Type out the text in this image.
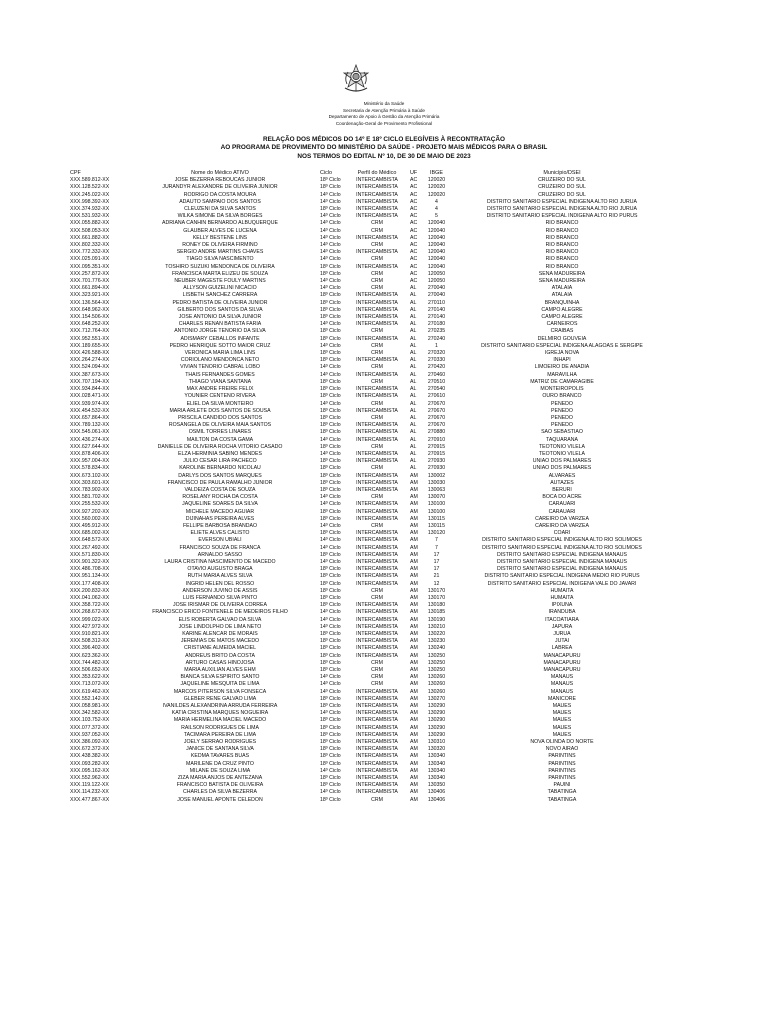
Ministério da Saúde
Secretaria de Atenção Primária à Saúde
Departamento de Apoio à Gestão da Atenção Primária
Coordenação-Geral de Provimento Profissional
RELAÇÃO DOS MÉDICOS DO 14º E 18º CICLO ELEGÍVEIS À RECONTRATAÇÃO
AO PROGRAMA DE PROVIMENTO DO MINISTÉRIO DA SAÚDE - PROJETO MAIS MÉDICOS PARA O BRASIL
NOS TERMOS DO EDITAL Nº 10, DE 30 DE MAIO DE 2023
CPF	Nome do Médico ATIVO	Ciclo	Perfil do Médico	UF	IBGE	Município/DSEI
XXX.589.812-XX	JOSE BEZERRA REBOUCAS JUNIOR	18º Ciclo	INTERCAMBISTA	AC	120020	CRUZEIRO DO SUL
XXX.128.522-XX	JURANDYR ALEXANDRE DE OLIVEIRA JUNIOR	18º Ciclo	INTERCAMBISTA	AC	120020	CRUZEIRO DO SUL
XXX.245.022-XX	RODRIGO DA COSTA MOURA	14º Ciclo	INTERCAMBISTA	AC	120020	CRUZEIRO DO SUL
XXX.998.392-XX	ADAUTO SAMPAIO DOS SANTOS	14º Ciclo	INTERCAMBISTA	AC	4	DISTRITO SANITÁRIO ESPECIAL INDÍGENA ALTO RIO JURUA
XXX.374.932-XX	CLEUZENI DA SILVA SANTOS	18º Ciclo	INTERCAMBISTA	AC	4	DISTRITO SANITÁRIO ESPECIAL INDÍGENA ALTO RIO JURUA
XXX.531.932-XX	WILKA SIMONE DA SILVA BORGES	14º Ciclo	INTERCAMBISTA	AC	5	DISTRITO SANITÁRIO ESPECIAL INDÍGENA ALTO RIO PURUS
XXX.055.882-XX	ADRIANA CANHIN BERNARDO ALBUQUERQUE	14º Ciclo	CRM	AC	120040	RIO BRANCO
XXX.508.053-XX	GLAUBER ALVES DE LUCENA	14º Ciclo	CRM	AC	120040	RIO BRANCO
XXX.661.882-XX	KELLY BESTENE LINS	14º Ciclo	INTERCAMBISTA	AC	120040	RIO BRANCO
XXX.802.332-XX	RONEY DE OLIVEIRA FIRMINO	14º Ciclo	CRM	AC	120040	RIO BRANCO
XXX.772.332-XX	SERGIO ANDRE MARTINS CHAVES	14º Ciclo	INTERCAMBISTA	AC	120040	RIO BRANCO
XXX.025.091-XX	TIAGO SILVA NASCIMENTO	14º Ciclo	CRM	AC	120040	RIO BRANCO
XXX.095.351-XX	TOSHIRO SUZUKI MENDONCA DE OLIVEIRA	18º Ciclo	INTERCAMBISTA	AC	120040	RIO BRANCO
XXX.257.872-XX	FRANCISCA MARTA ELIZEU DE SOUZA	18º Ciclo	CRM	AC	120050	SENA MADUREIRA
XXX.701.776-XX	NEUBER MAGESTE FOULY MARTINS	14º Ciclo	CRM	AC	120050	SENA MADUREIRA
XXX.661.894-XX	ALLYSON GUIZELINI NICACIO	14º Ciclo	CRM	AL	270040	ATALAIA
XXX.323.921-XX	LISBETH SANCHEZ CARRERA	18º Ciclo	INTERCAMBISTA	AL	270040	ATALAIA
XXX.136.564-XX	PEDRO BATISTA DE OLIVEIRA JUNIOR	18º Ciclo	INTERCAMBISTA	AL	270110	BRANQUINHA
XXX.648.962-XX	GILBERTO DOS SANTOS DA SILVA	18º Ciclo	INTERCAMBISTA	AL	270140	CAMPO ALEGRE
XXX.154.506-XX	JOSE ANTONIO DA SILVA JUNIOR	18º Ciclo	INTERCAMBISTA	AL	270140	CAMPO ALEGRE
XXX.648.252-XX	CHARLES RENAN BATISTA FARIA	14º Ciclo	INTERCAMBISTA	AL	270180	CARNEIROS
XXX.712.764-XX	ANTONIO JORGE TENORIO DA SILVA	18º Ciclo	CRM	AL	270235	CRAIBAS
XXX.952.551-XX	ADISMARY CEBALLOS INFANTE	18º Ciclo	INTERCAMBISTA	AL	270240	DELMIRO GOUVEIA
XXX.189.655-XX	PEDRO HENRIQUE SOTTO MAIOR CRUZ	14º Ciclo	CRM	AL	1	DISTRITO SANITÁRIO ESPECIAL INDÍGENA ALAGOAS E SERGIPE
XXX.426.588-XX	VERONICA MARIA LIMA LINS	18º Ciclo	CRM	AL	270320	IGREJA NOVA
XXX.264.274-XX	CORIOLANO MENDONCA NETO	18º Ciclo	INTERCAMBISTA	AL	270330	INHAPI
XXX.524.094-XX	VIVIAN TENORIO CABRAL LOBO	14º Ciclo	CRM	AL	270420	LIMOEIRO DE ANADIA
XXX.387.673-XX	THAIS FERNANDES GOMES	14º Ciclo	INTERCAMBISTA	AL	270460	MARAVILHA
XXX.707.194-XX	THIAGO VIANA SANTANA	18º Ciclo	CRM	AL	270510	MATRIZ DE CAMARAGIBE
XXX.934.844-XX	MAX ANDRE FREIRE FELIX	18º Ciclo	INTERCAMBISTA	AL	270540	MONTEIROPOLIS
XXX.028.471-XX	YOUNIER CENTENO RIVERA	18º Ciclo	INTERCAMBISTA	AL	270610	OURO BRANCO
XXX.939.974-XX	ELIEL DA SILVA MONTEIRO	14º Ciclo	CRM	AL	270670	PENEDO
XXX.454.532-XX	MARIA ARLETE DOS SANTOS DE SOUSA	18º Ciclo	INTERCAMBISTA	AL	270670	PENEDO
XXX.657.864-XX	PRISCILA CANDIDO DOS SANTOS	18º Ciclo	CRM	AL	270670	PENEDO
XXX.789.132-XX	ROSANGELA DE OLIVEIRA MAIA SANTOS	18º Ciclo	INTERCAMBISTA	AL	270670	PENEDO
XXX.545.061-XX	OSMIL TORRES LINARES	18º Ciclo	INTERCAMBISTA	AL	270880	SAO SEBASTIAO
XXX.436.274-XX	MAILTON DA COSTA GAMA	14º Ciclo	INTERCAMBISTA	AL	270910	TAQUARANA
XXX.627.644-XX	DANIELLE DE OLIVEIRA ROCHA VITORIO CASADO	18º Ciclo	CRM	AL	270915	TEOTONIO VILELA
XXX.878.406-XX	ELZA HERMINIA SABINO MENDES	14º Ciclo	INTERCAMBISTA	AL	270915	TEOTONIO VILELA
XXX.957.004-XX	JULIO CESAR LIRA PACHECO	18º Ciclo	INTERCAMBISTA	AL	270930	UNIAO DOS PALMARES
XXX.578.834-XX	KAROLINE BERNARDO NICOLAU	18º Ciclo	CRM	AL	270930	UNIAO DOS PALMARES
XXX.673.102-XX	DARLYS DOS SANTOS MARQUES	18º Ciclo	INTERCAMBISTA	AM	130002	ALVARAES
XXX.303.601-XX	FRANCISCO DE PAULA RAMALHO JUNIOR	18º Ciclo	INTERCAMBISTA	AM	130030	AUTAZES
XXX.783.902-XX	VALDEIZA COSTA DE SOUZA	18º Ciclo	INTERCAMBISTA	AM	130063	BERURI
XXX.581.702-XX	ROSELANY ROCHA DA COSTA	14º Ciclo	CRM	AM	130070	BOCA DO ACRE
XXX.255.532-XX	JAQUELINE SOARES DA SILVA	14º Ciclo	INTERCAMBISTA	AM	130100	CARAUARI
XXX.927.202-XX	MICHELE MACEDO AGUIAR	18º Ciclo	INTERCAMBISTA	AM	130100	CARAUARI
XXX.560.002-XX	DIJINAHAS PEREIRA ALVES	18º Ciclo	INTERCAMBISTA	AM	130115	CAREIRO DA VARZEA
XXX.495.912-XX	FELLIPE BARBOSA BRANDAO	14º Ciclo	CRM	AM	130115	CAREIRO DA VARZEA
XXX.685.002-XX	ELIETE ALVES CALISTO	18º Ciclo	INTERCAMBISTA	AM	130120	COARI
XXX.648.572-XX	EVERSON UBIALI	14º Ciclo	INTERCAMBISTA	AM	7	DISTRITO SANITÁRIO ESPECIAL INDÍGENA ALTO RIO SOLIMOES
XXX.267.492-XX	FRANCISCO SOUZA DE FRANCA	14º Ciclo	INTERCAMBISTA	AM	7	DISTRITO SANITÁRIO ESPECIAL INDÍGENA ALTO RIO SOLIMOES
XXX.571.830-XX	ARNALDO SASSO	18º Ciclo	INTERCAMBISTA	AM	17	DISTRITO SANITÁRIO ESPECIAL INDÍGENA MANAUS
XXX.901.322-XX	LAURA CRISTINA NASCIMENTO DE MACEDO	14º Ciclo	INTERCAMBISTA	AM	17	DISTRITO SANITÁRIO ESPECIAL INDÍGENA MANAUS
XXX.486.708-XX	OTAVIO AUGUSTO BRAGA	18º Ciclo	INTERCAMBISTA	AM	17	DISTRITO SANITÁRIO ESPECIAL INDÍGENA MANAUS
XXX.951.134-XX	RUTH MARIA ALVES SILVA	18º Ciclo	INTERCAMBISTA	AM	21	DISTRITO SANITÁRIO ESPECIAL INDÍGENA MEDIO RIO PURUS
XXX.177.408-XX	INGRID HELEN DEL ROSSO	18º Ciclo	INTERCAMBISTA	AM	12	DISTRITO SANITÁRIO ESPECIAL INDÍGENA VALE DO JAVARI
XXX.200.832-XX	ANDERSON JUVINO DE ASSIS	18º Ciclo	CRM	AM	130170	HUMAITA
XXX.041.062-XX	LUIS FERNANDO SILVA PINTO	18º Ciclo	CRM	AM	130170	HUMAITA
XXX.358.722-XX	JOSE IRISMAR DE OLIVEIRA CORREA	18º Ciclo	INTERCAMBISTA	AM	130180	IPIXUNA
XXX.268.672-XX	FRANCISCO ERICO FONTENELE DE MEDEIROS FILHO	14º Ciclo	INTERCAMBISTA	AM	130185	IRANDUBA
XXX.999.022-XX	ELIS ROBERTA GALVAO DA SILVA	14º Ciclo	INTERCAMBISTA	AM	130190	ITACOATIARA
XXX.427.972-XX	JOSE LINDOLPHO DE LIMA NETO	14º Ciclo	INTERCAMBISTA	AM	130210	JAPURA
XXX.910.821-XX	KARINE ALENCAR DE MORAIS	18º Ciclo	INTERCAMBISTA	AM	130220	JURUA
XXX.508.312-XX	JEREMIAS DE MATOS MACEDO	18º Ciclo	INTERCAMBISTA	AM	130230	JUTAI
XXX.396.402-XX	CRISTIANE ALMEIDA MACIEL	18º Ciclo	INTERCAMBISTA	AM	130240	LABREA
XXX.623.362-XX	ANDREUS BRITO DA COSTA	18º Ciclo	INTERCAMBISTA	AM	130250	MANACAPURU
XXX.744.482-XX	ARTURO CASAS HINOJOSA	18º Ciclo	CRM	AM	130250	MANACAPURU
XXX.506.652-XX	MARIA AUXILIAN ALVES EHM	18º Ciclo	CRM	AM	130250	MANACAPURU
XXX.353.622-XX	BIANCA SILVA ESPIRITO SANTO	14º Ciclo	CRM	AM	130260	MANAUS
XXX.713.072-XX	JAQUELINE MESQUITA DE LIMA	14º Ciclo	CRM	AM	130260	MANAUS
XXX.619.462-XX	MARCOS PITERSON SILVA FONSECA	14º Ciclo	INTERCAMBISTA	AM	130260	MANAUS
XXX.552.142-XX	GLEBER RENE GALVAO LIMA	18º Ciclo	INTERCAMBISTA	AM	130270	MANICORE
XXX.058.981-XX	IVANILDES ALEXANDRINA ARRUDA FERREIRA	18º Ciclo	INTERCAMBISTA	AM	130290	MAUES
XXX.342.582-XX	KATIA CRISTINA MARQUES NOGUEIRA	14º Ciclo	INTERCAMBISTA	AM	130290	MAUES
XXX.103.752-XX	MARIA HERMELINA MACIEL MACEDO	18º Ciclo	INTERCAMBISTA	AM	130290	MAUES
XXX.077.372-XX	RAILSON RODRIGUES DE LIMA	18º Ciclo	INTERCAMBISTA	AM	130290	MAUES
XXX.937.052-XX	TACIMARA PEREIRA DE LIMA	18º Ciclo	INTERCAMBISTA	AM	130290	MAUES
XXX.386.092-XX	JOELY SERRAO RODRIGUES	18º Ciclo	INTERCAMBISTA	AM	130310	NOVA OLINDA DO NORTE
XXX.672.372-XX	JANICE DE SANTANA SILVA	18º Ciclo	INTERCAMBISTA	AM	130320	NOVO AIRAO
XXX.438.382-XX	KEDMA TAVARES BUAS	18º Ciclo	INTERCAMBISTA	AM	130340	PARINTINS
XXX.093.282-XX	MARILENE DA CRUZ PINTO	18º Ciclo	INTERCAMBISTA	AM	130340	PARINTINS
XXX.095.162-XX	MILANE DE SOUZA LIMA	14º Ciclo	INTERCAMBISTA	AM	130340	PARINTINS
XXX.552.962-XX	ZIZA MARIA ANJOS DE ANTEZANA	18º Ciclo	INTERCAMBISTA	AM	130340	PARINTINS
XXX.119.122-XX	FRANCISCO BATISTA DE OLIVEIRA	18º Ciclo	INTERCAMBISTA	AM	130350	PAUINI
XXX.114.232-XX	CHARLES DA SILVA BEZERRA	14º Ciclo	INTERCAMBISTA	AM	130406	TABATINGA
XXX.477.867-XX	JOSE MANUEL APONTE CELEDON	18º Ciclo	CRM	AM	130406	TABATINGA
